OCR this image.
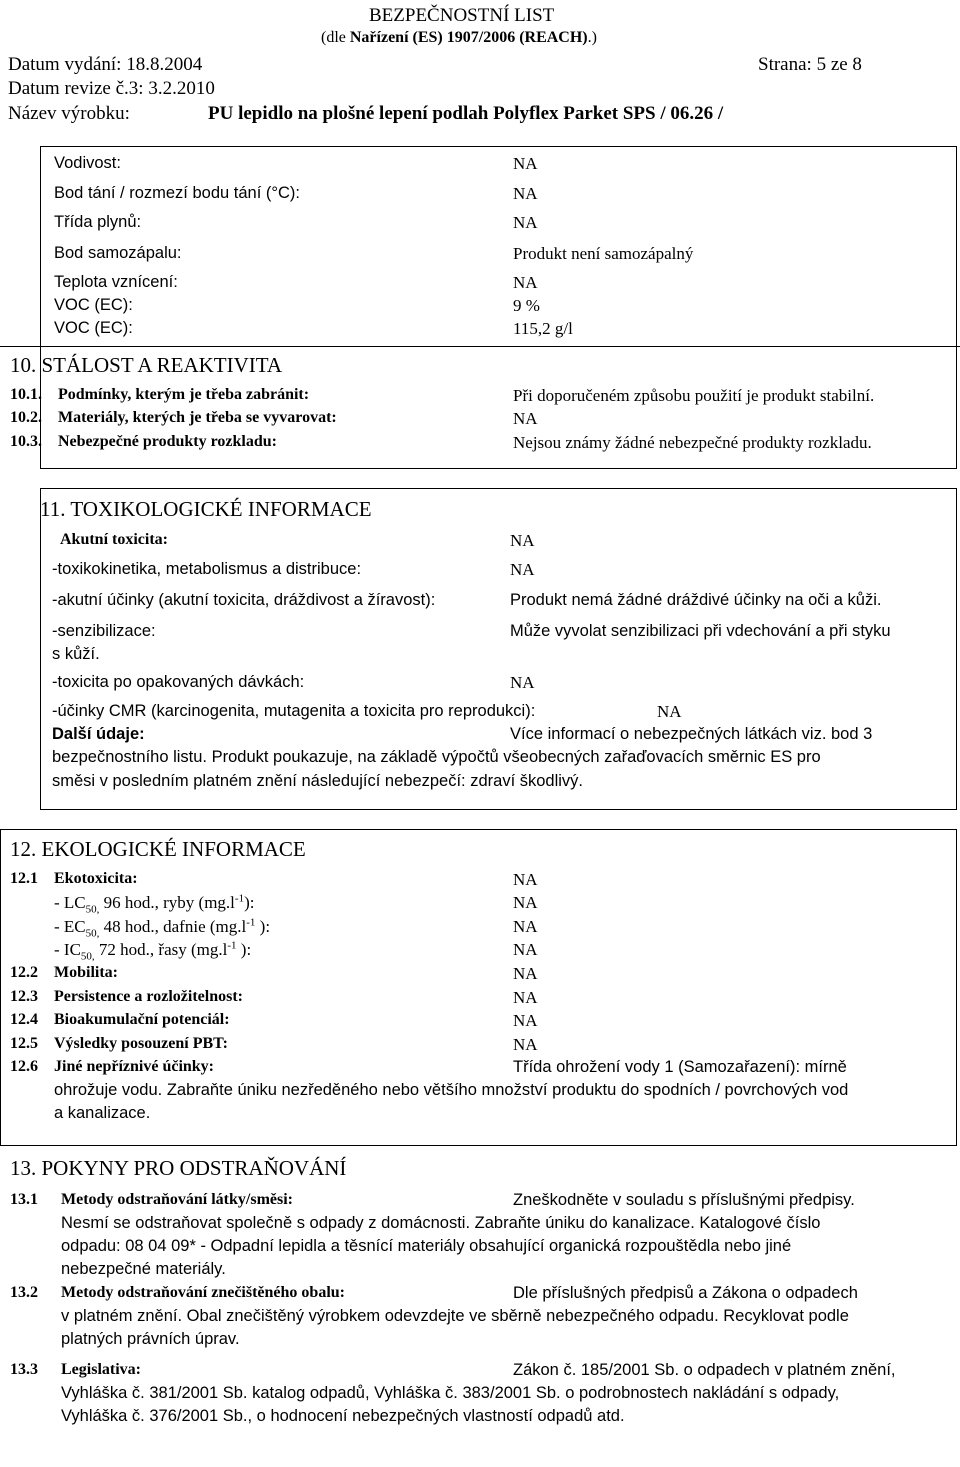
BEZPEČNOSTNÍ LIST
(dle Nařízení (ES) 1907/2006 (REACH).)
Datum vydání: 18.8.2004	Strana: 5 ze 8
Datum revize č.3: 3.2.2010
Název výrobku:	PU lepidlo na plošné lepení podlah Polyflex Parket SPS / 06.26 /
Vodivost:	NA
Bod tání / rozmezí bodu tání (°C):	NA
Třída plynů:	NA
Bod samozápalu:	Produkt není samozápalný
Teplota vznícení:	NA
VOC (EC):	9 %
VOC (EC):	115,2 g/l
10. STÁLOST A REAKTIVITA
10.1. Podmínky, kterým je třeba zabránit:	Při doporučeném způsobu použití je produkt stabilní.
10.2. Materiály, kterých je třeba se vyvarovat:	NA
10.3. Nebezpečné produkty rozkladu:	Nejsou známy žádné nebezpečné produkty rozkladu.
11. TOXIKOLOGICKÉ INFORMACE
Akutní toxicita:	NA
-toxikokinetika, metabolismus a distribuce:	NA
-akutní účinky (akutní toxicita, dráždivost a žíravost):	Produkt nemá žádné dráždivé účinky na oči a kůži.
-senzibilizace:	Může vyvolat senzibilizaci při vdechování a při styku
s kůží.
-toxicita po opakovaných dávkách:	NA
-účinky CMR (karcinogenita, mutagenita a toxicita pro reprodukci):	NA
Další údaje:	Více informací o nebezpečných látkách viz. bod 3
bezpečnostního listu. Produkt poukazuje, na základě výpočtů všeobecných zařaďovacích směrnic ES pro
směsi v posledním platném znění následující nebezpečí: zdraví škodlivý.
12. EKOLOGICKÉ INFORMACE
12.1 Ekotoxicita:	NA
- $LC_{50,}$ 96 hod., ryby $(mg.l^{-1})$:	NA
- $EC_{50,}$ 48 hod., dafnie ($mg.l^{-1}$ ):	NA
- $IC_{50,}$ 72 hod., řasy ($mg.l^{-1}$ ):	NA
12.2 Mobilita:	NA
12.3 Persistence a rozložitelnost:	NA
12.4 Bioakumulační potenciál:	NA
12.5 Výsledky posouzení PBT:	NA
12.6 Jiné nepříznivé účinky:	Třída ohrožení vody 1 (Samozařazení): mírně
ohrožuje vodu. Zabraňte úniku nezředěného nebo většího množství produktu do spodních / povrchových vod
a kanalizace.
13. POKYNY PRO ODSTRAŇOVÁNÍ
13.1 Metody odstraňování látky/směsi:	Zneškodněte v souladu s příslušnými předpisy.
Nesmí se odstraňovat společně s odpady z domácnosti. Zabraňte úniku do kanalizace. Katalogové číslo
odpadu: 08 04 09* - Odpadní lepidla a těsnící materiály obsahující organická rozpouštědla nebo jiné
nebezpečné materiály.
13.2 Metody odstraňování znečištěného obalu:	Dle příslušných předpisů a Zákona o odpadech
v platném znění. Obal znečištěný výrobkem odevzdejte ve sběrně nebezpečného odpadu. Recyklovat podle
platných právních úprav.
13.3 Legislativa:	Zákon č. 185/2001 Sb. o odpadech v platném znění,
Vyhláška č. 381/2001 Sb. katalog odpadů, Vyhláška č. 383/2001 Sb. o podrobnostech nakládání s odpady,
Vyhláška č. 376/2001 Sb., o hodnocení nebezpečných vlastností odpadů atd.
